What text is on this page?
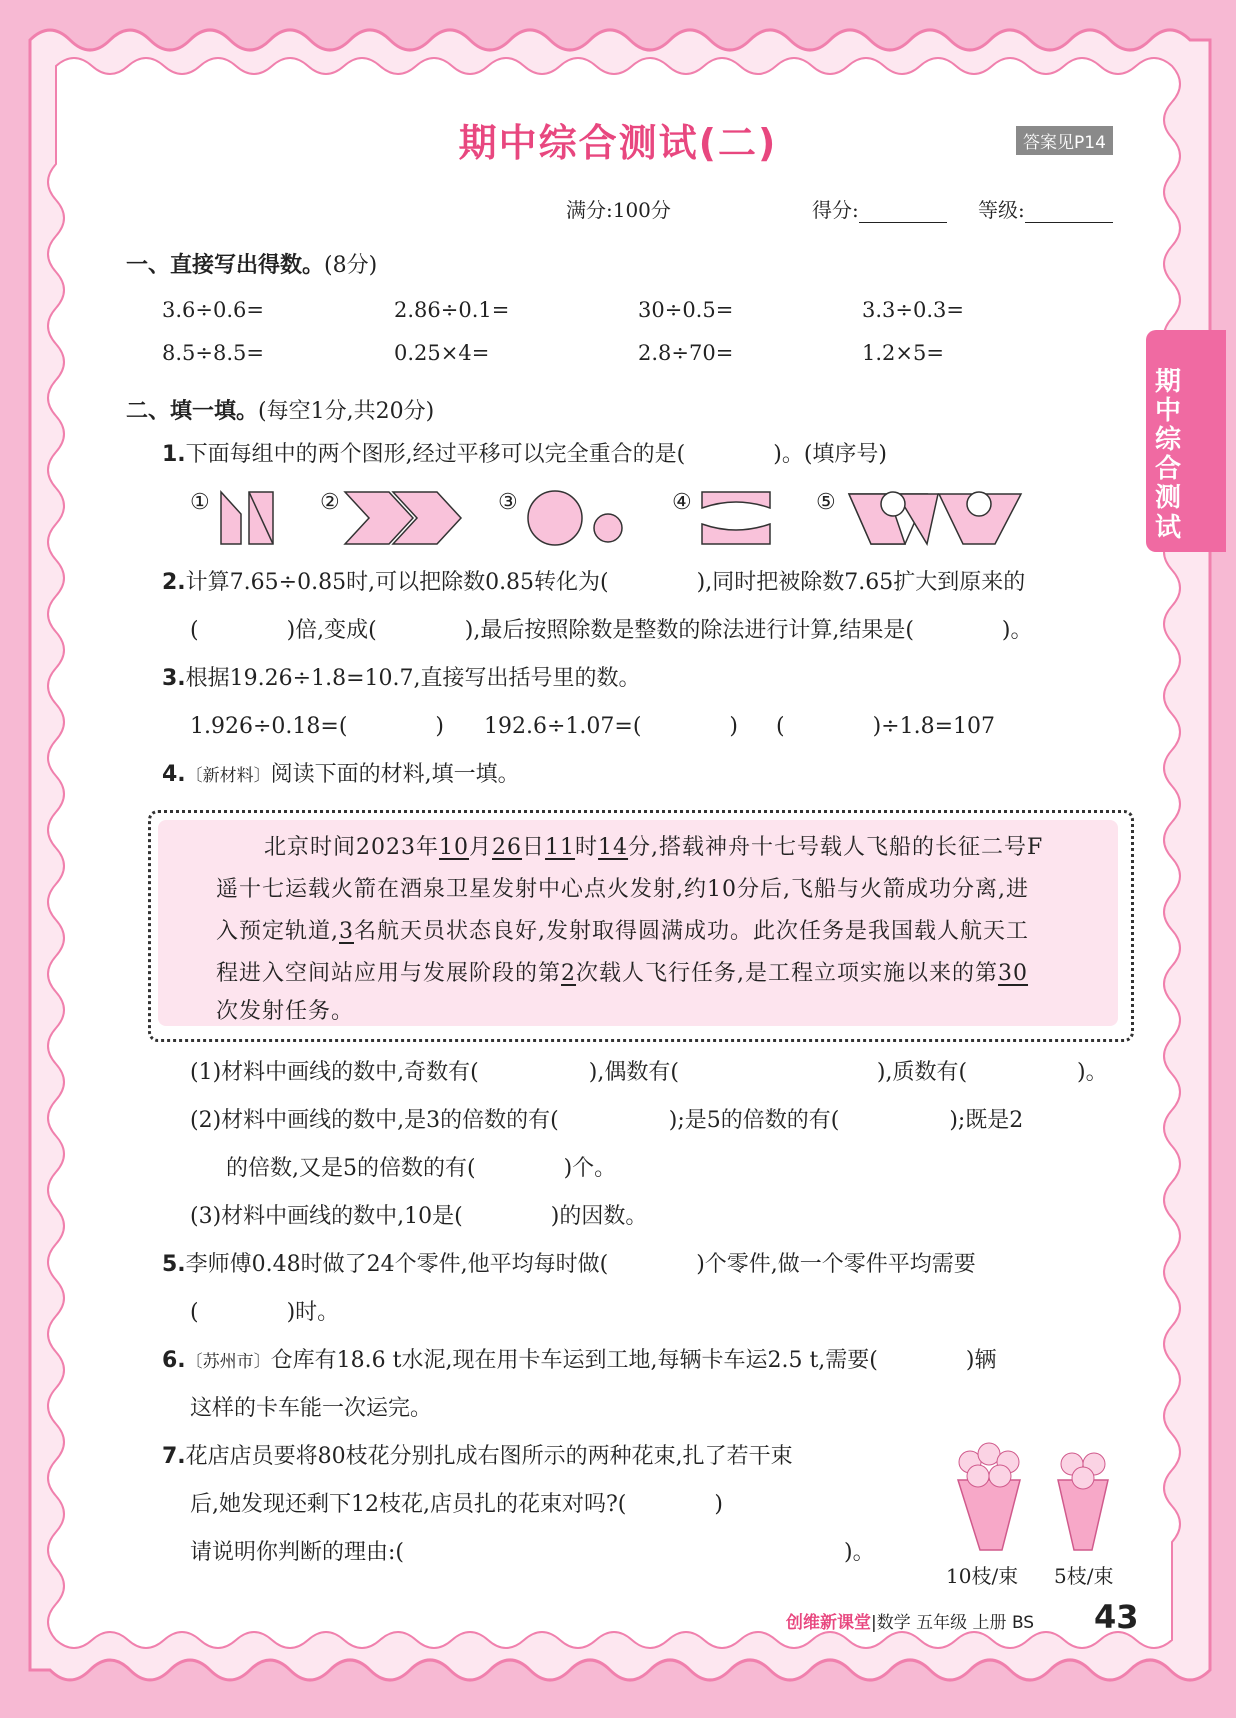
期中综合测试
期中综合测试(二)	答案见P14
满分:100分	得分:	等级:
一、直接写出得数。(8分)
3.6÷0.6=	2.86÷0.1=	30÷0.5=	3.3÷0.3=
8.5÷8.5=	0.25×4=	2.8÷70=	1.2×5=
二、填一填。(每空1分,共20分)
1.下面每组中的两个图形,经过平移可以完全重合的是(　　　　)。(填序号)
①	②	③	④	⑤
2.计算7.65÷0.85时,可以把除数0.85转化为(　　　　),同时把被除数7.65扩大到原来的
(　　　　)倍,变成(　　　　),最后按照除数是整数的除法进行计算,结果是(　　　　)。
3.根据19.26÷1.8=10.7,直接写出括号里的数。
1.926÷0.18=(　　　　) 192.6÷1.07=(　　　　) (　　　　)÷1.8=107
4.〔新材料〕阅读下面的材料,填一填。
北京时间2023年10月26日11时14分,搭载神舟十七号载人飞船的长征二号F
遥十七运载火箭在酒泉卫星发射中心点火发射,约10分后,飞船与火箭成功分离,进
入预定轨道,3名航天员状态良好,发射取得圆满成功。此次任务是我国载人航天工
程进入空间站应用与发展阶段的第2次载人飞行任务,是工程立项实施以来的第30
次发射任务。
(1)材料中画线的数中,奇数有(　　　　　),偶数有(　　　　　　　　　),质数有(　　　　　)。
(2)材料中画线的数中,是3的倍数的有(　　　　　);是5的倍数的有(　　　　　);既是2
的倍数,又是5的倍数的有(　　　　)个。
(3)材料中画线的数中,10是(　　　　)的因数。
5.李师傅0.48时做了24个零件,他平均每时做(　　　　)个零件,做一个零件平均需要
(　　　　)时。
6.〔苏州市〕仓库有18.6 t水泥,现在用卡车运到工地,每辆卡车运2.5 t,需要(　　　　)辆
这样的卡车能一次运完。
7.花店店员要将80枝花分别扎成右图所示的两种花束,扎了若干束
后,她发现还剩下12枝花,店员扎的花束对吗?(　　　　)
请说明你判断的理由:(　　　　　　　　　　　　　　　　　　　　)。
10枝/束 5枝/束
创维新课堂|数学 五年级 上册 BS 43
